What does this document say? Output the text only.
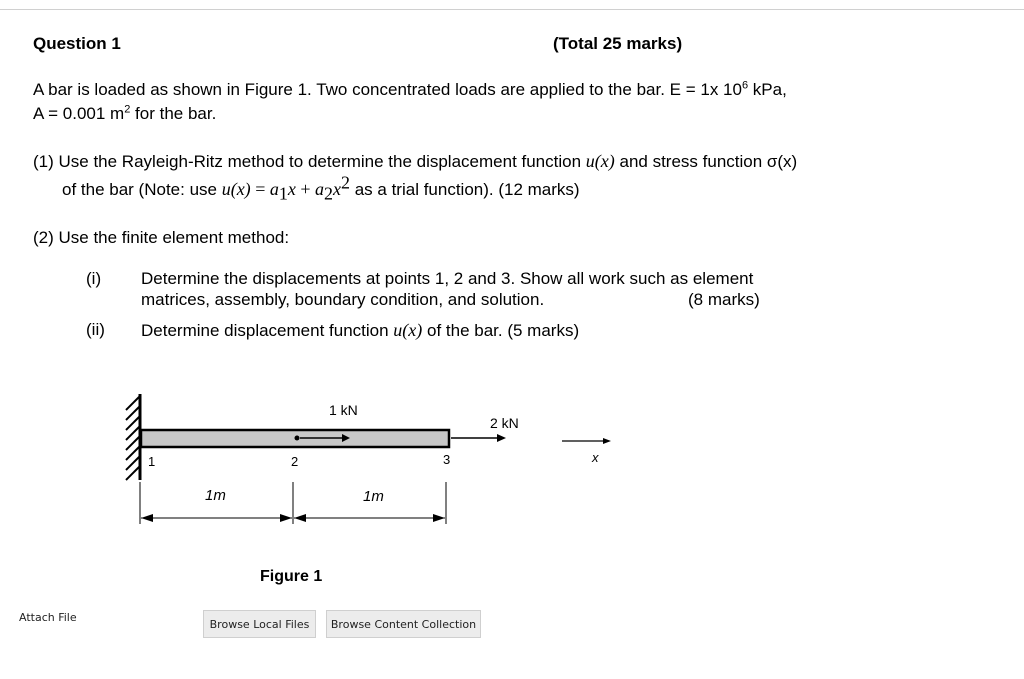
Question 1	(Total 25 marks)
A bar is loaded as shown in Figure 1. Two concentrated loads are applied to the bar. E = 1x $10^6$ kPa,
A = 0.001 $m^2$ for the bar.
(1) Use the Rayleigh-Ritz method to determine the displacement function u(x) and stress function σ(x)
of the bar (Note: use $u(x) = a_1x + a_2x^2$ as a trial function). (12 marks)
(2) Use the finite element method:
(i) Determine the displacements at points 1, 2 and 3. Show all work such as element
matrices, assembly, boundary condition, and solution.	(8 marks)
(ii) Determine displacement function u(x) of the bar. (5 marks)
1 kN
2 kN
1	2	3	x
1m	1m
Figure 1
Attach File	Browse Local Files	Browse Content Collection
